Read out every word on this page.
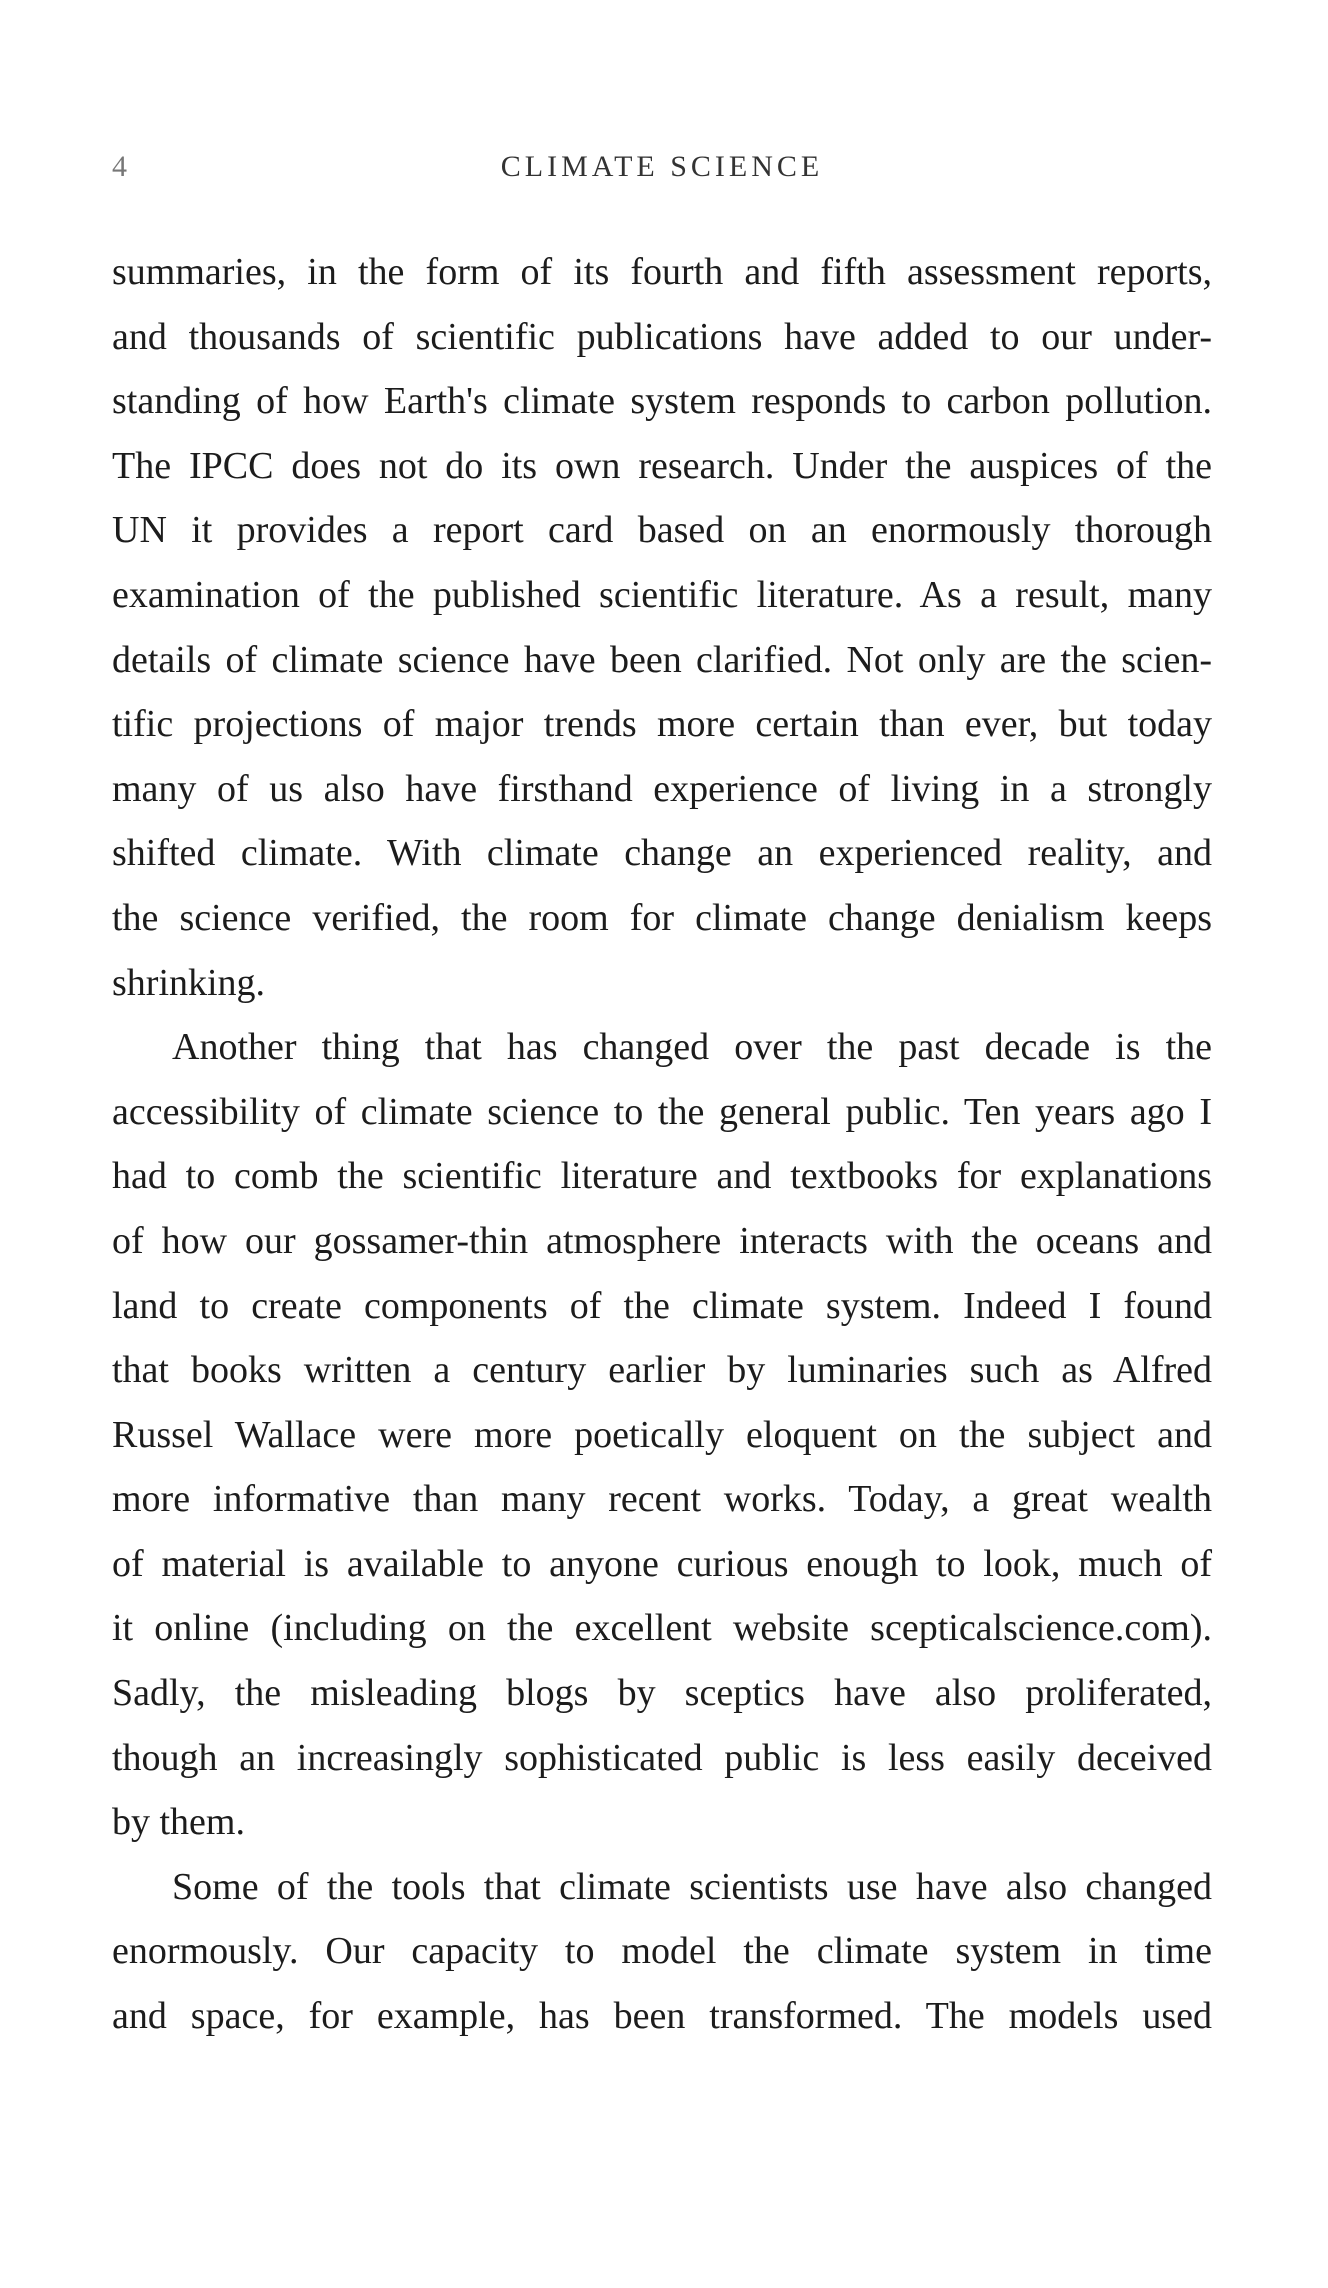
4	CLIMATE SCIENCE

summaries, in the form of its fourth and fifth assessment reports,
and thousands of scientific publications have added to our under-
standing of how Earth's climate system responds to carbon pollution.
The IPCC does not do its own research. Under the auspices of the
UN it provides a report card based on an enormously thorough
examination of the published scientific literature. As a result, many
details of climate science have been clarified. Not only are the scien-
tific projections of major trends more certain than ever, but today
many of us also have firsthand experience of living in a strongly
shifted climate. With climate change an experienced reality, and
the science verified, the room for climate change denialism keeps
shrinking.

Another thing that has changed over the past decade is the
accessibility of climate science to the general public. Ten years ago I
had to comb the scientific literature and textbooks for explanations
of how our gossamer-thin atmosphere interacts with the oceans and
land to create components of the climate system. Indeed I found
that books written a century earlier by luminaries such as Alfred
Russel Wallace were more poetically eloquent on the subject and
more informative than many recent works. Today, a great wealth
of material is available to anyone curious enough to look, much of
it online (including on the excellent website scepticalscience.com).
Sadly, the misleading blogs by sceptics have also proliferated,
though an increasingly sophisticated public is less easily deceived
by them.

Some of the tools that climate scientists use have also changed
enormously. Our capacity to model the climate system in time
and space, for example, has been transformed. The models used
